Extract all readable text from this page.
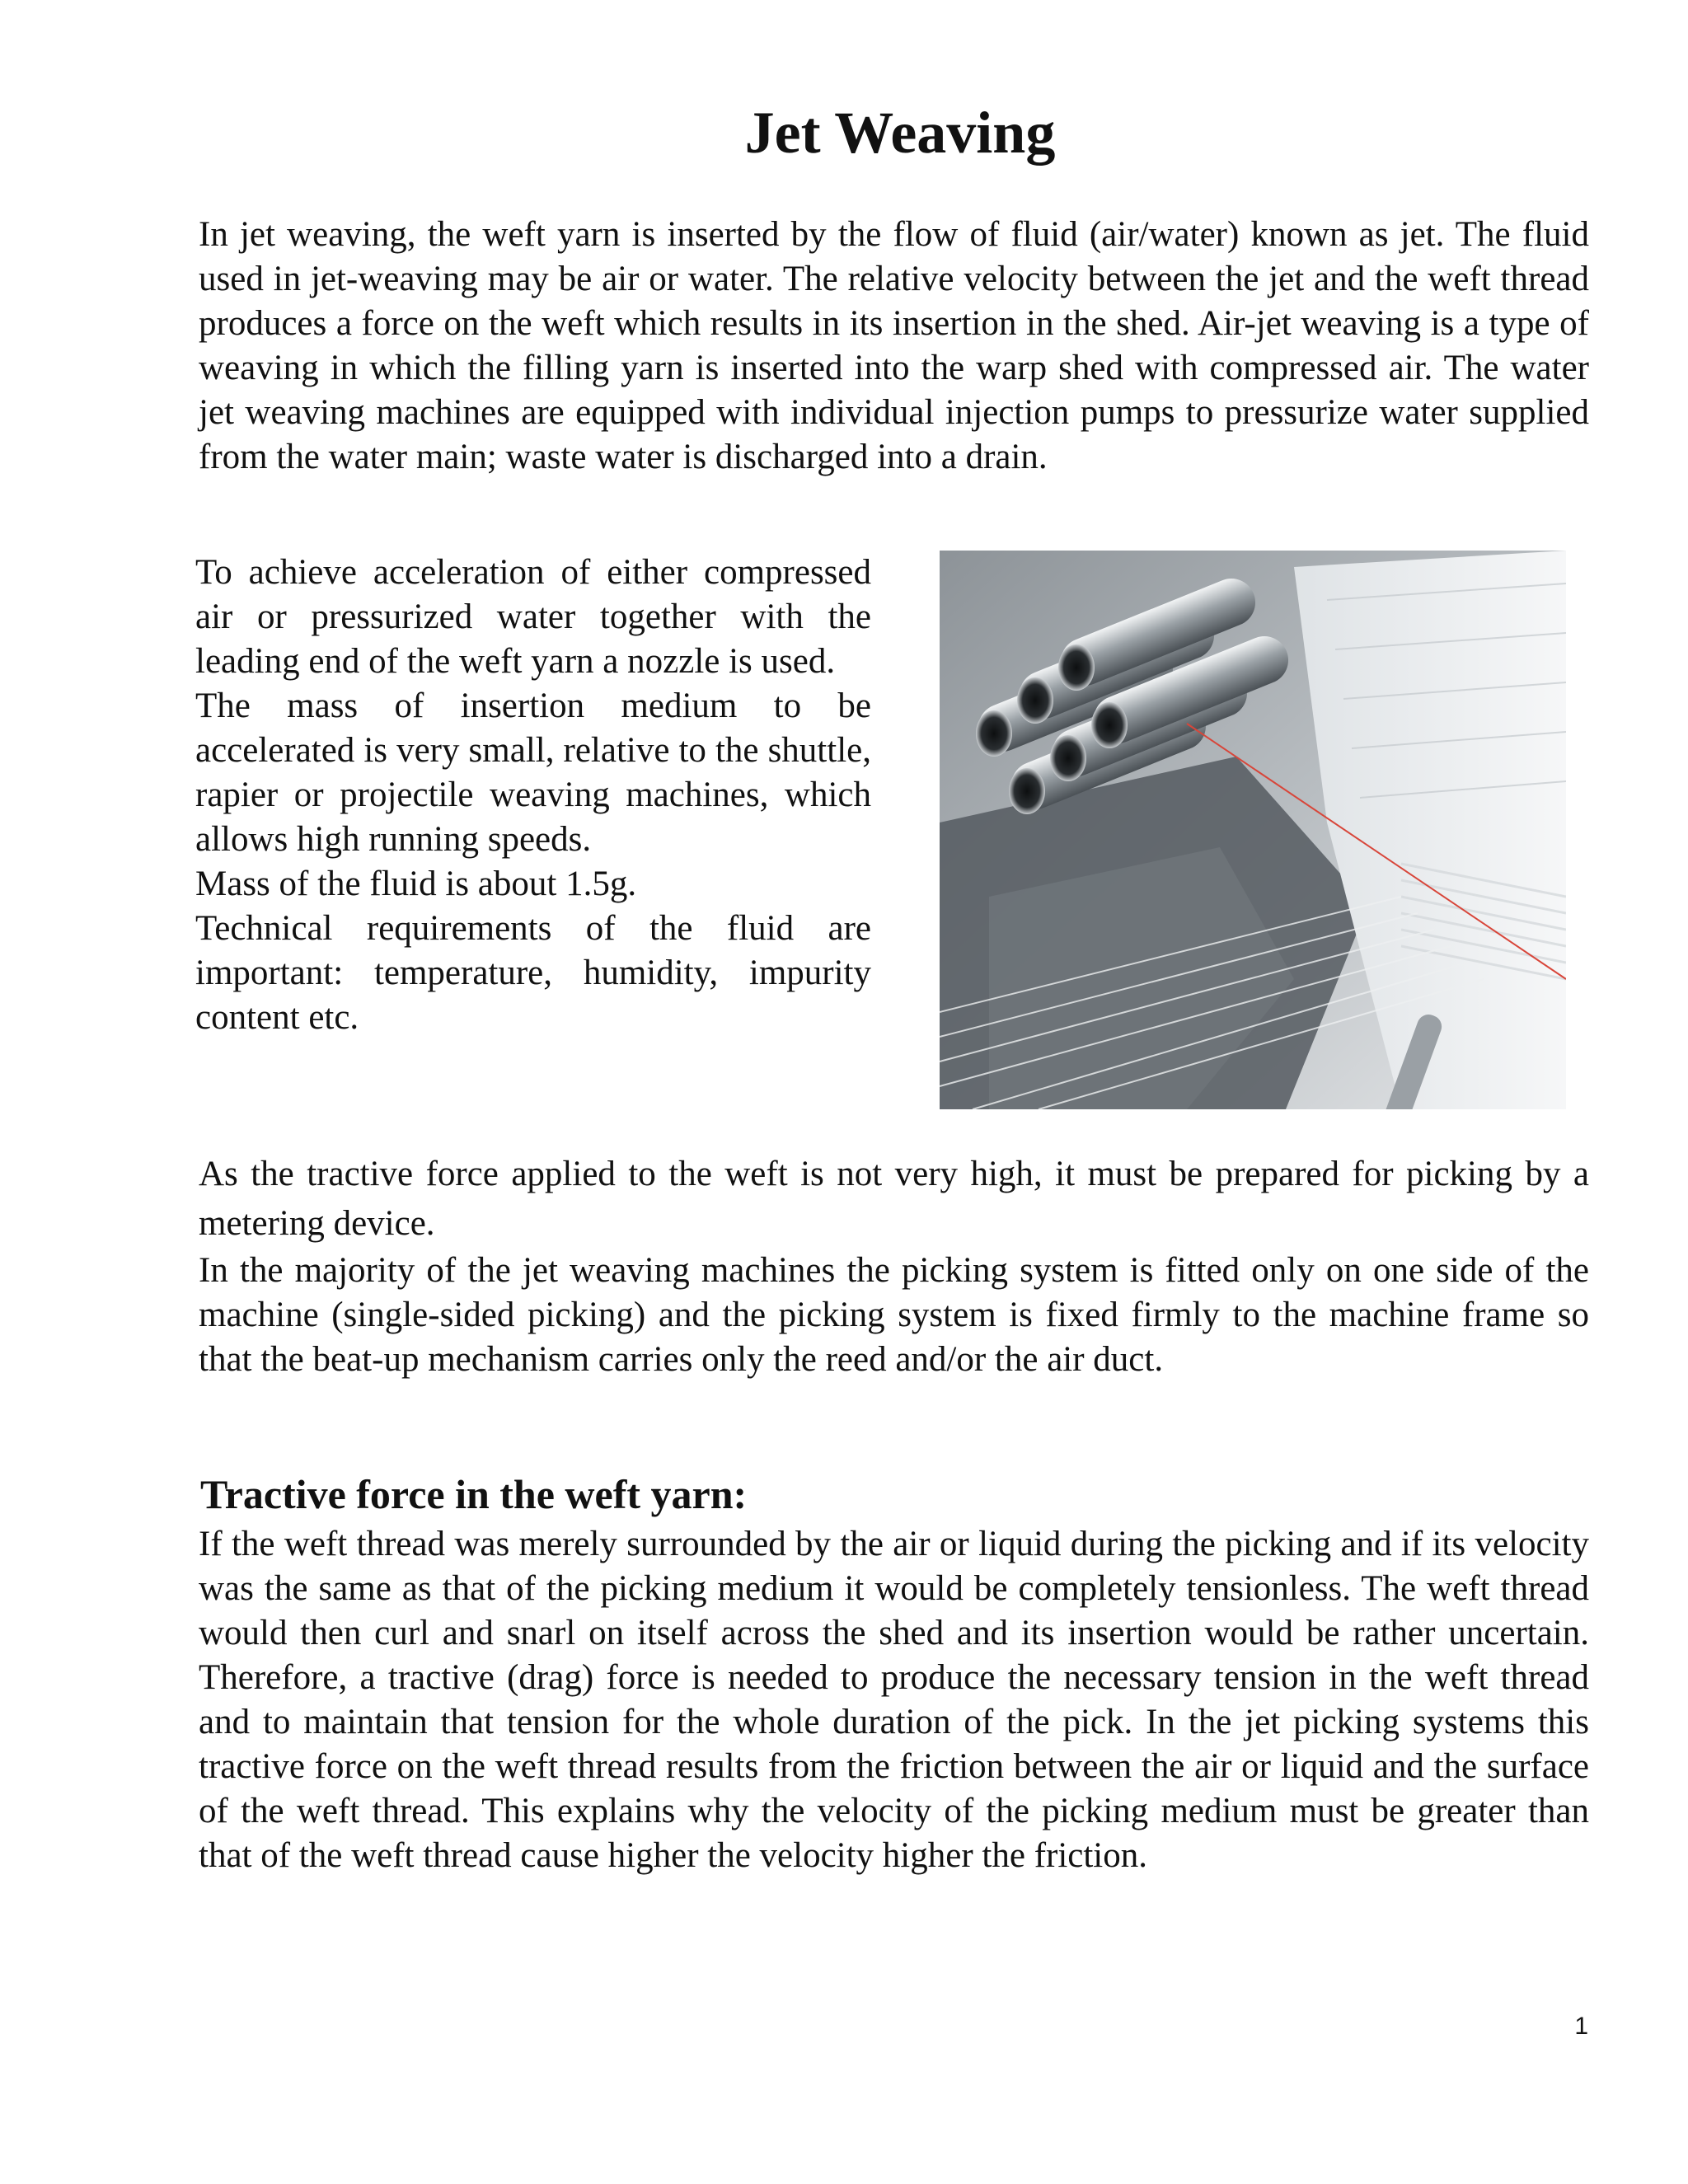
Jet Weaving

In jet weaving, the weft yarn is inserted by the flow of fluid (air/water) known as jet. The fluid used in jet-weaving may be air or water. The relative velocity between the jet and the weft thread produces a force on the weft which results in its insertion in the shed. Air-jet weaving is a type of weaving in which the filling yarn is inserted into the warp shed with compressed air. The water jet weaving machines are equipped with individual injection pumps to pressurize water supplied from the water main; waste water is discharged into a drain.

To achieve acceleration of either compressed air or pressurized water together with the leading end of the weft yarn a nozzle is used.

The mass of insertion medium to be accelerated is very small, relative to the shuttle, rapier or projectile weaving machines, which allows high running speeds.

Mass of the fluid is about 1.5g.

Technical requirements of the fluid are important: temperature, humidity, impurity content etc.

As the tractive force applied to the weft is not very high, it must be prepared for picking by a metering device.

In the majority of the jet weaving machines the picking system is fitted only on one side of the machine (single-sided picking) and the picking system is fixed firmly to the machine frame so that the beat-up mechanism carries only the reed and/or the air duct.

Tractive force in the weft yarn:

If the weft thread was merely surrounded by the air or liquid during the picking and if its velocity was the same as that of the picking medium it would be completely tensionless. The weft thread would then curl and snarl on itself across the shed and its insertion would be rather uncertain. Therefore, a tractive (drag) force is needed to produce the necessary tension in the weft thread and to maintain that tension for the whole duration of the pick. In the jet picking systems this tractive force on the weft thread results from the friction between the air or liquid and the surface of the weft thread. This explains why the velocity of the picking medium must be greater than that of the weft thread cause higher the velocity higher the friction.

1
